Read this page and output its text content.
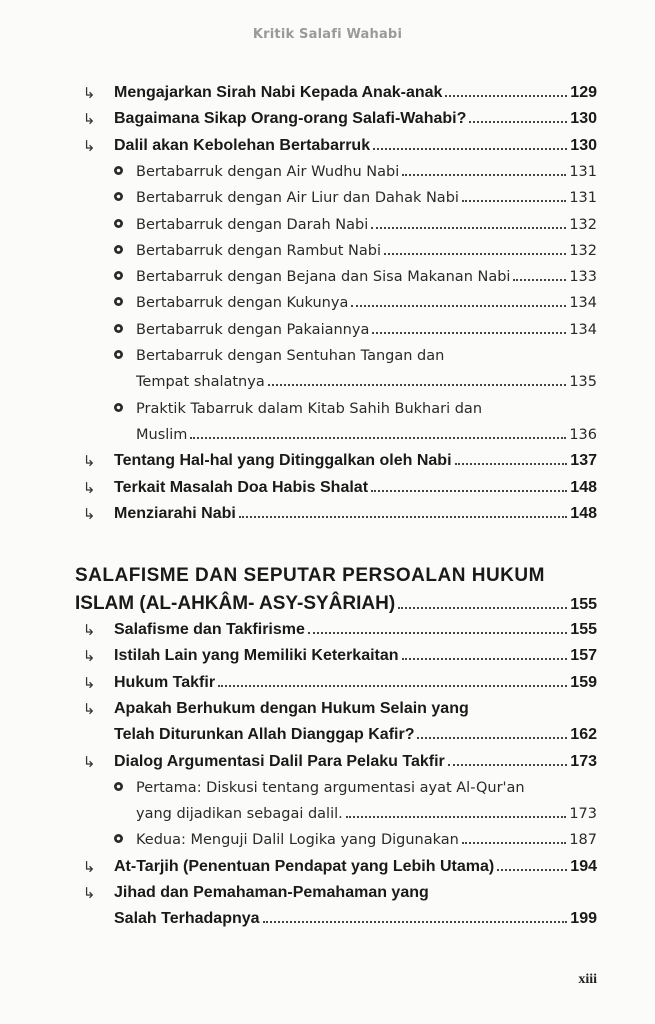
Kritik Salafi Wahabi
↳ Mengajarkan Sirah Nabi Kepada Anak-anak	129
↳ Bagaimana Sikap Orang-orang Salafi-Wahabi?	130
↳ Dalil akan Kebolehan Bertabarruk	130
Bertabarruk dengan Air Wudhu Nabi	131
Bertabarruk dengan Air Liur dan Dahak Nabi	131
Bertabarruk dengan Darah Nabi	132
Bertabarruk dengan Rambut Nabi	132
Bertabarruk dengan Bejana dan Sisa Makanan Nabi	133
Bertabarruk dengan Kukunya	134
Bertabarruk dengan Pakaiannya	134
Bertabarruk dengan Sentuhan Tangan dan
Tempat shalatnya	135
Praktik Tabarruk dalam Kitab Sahih Bukhari dan
Muslim	136
↳ Tentang Hal-hal yang Ditinggalkan oleh Nabi	137
↳ Terkait Masalah Doa Habis Shalat	148
↳ Menziarahi Nabi	148
SALAFISME DAN SEPUTAR PERSOALAN HUKUM
ISLAM (AL-AHKÂM- ASY-SYÂRIAH)	155
↳ Salafisme dan Takfirisme	155
↳ Istilah Lain yang Memiliki Keterkaitan	157
↳ Hukum Takfir	159
↳ Apakah Berhukum dengan Hukum Selain yang
Telah Diturunkan Allah Dianggap Kafir?	162
↳ Dialog Argumentasi Dalil Para Pelaku Takfir	173
Pertama: Diskusi tentang argumentasi ayat Al-Qur'an
yang dijadikan sebagai dalil.	173
Kedua: Menguji Dalil Logika yang Digunakan	187
↳ At-Tarjih (Penentuan Pendapat yang Lebih Utama)	194
↳ Jihad dan Pemahaman-Pemahaman yang
Salah Terhadapnya	199
xiii
